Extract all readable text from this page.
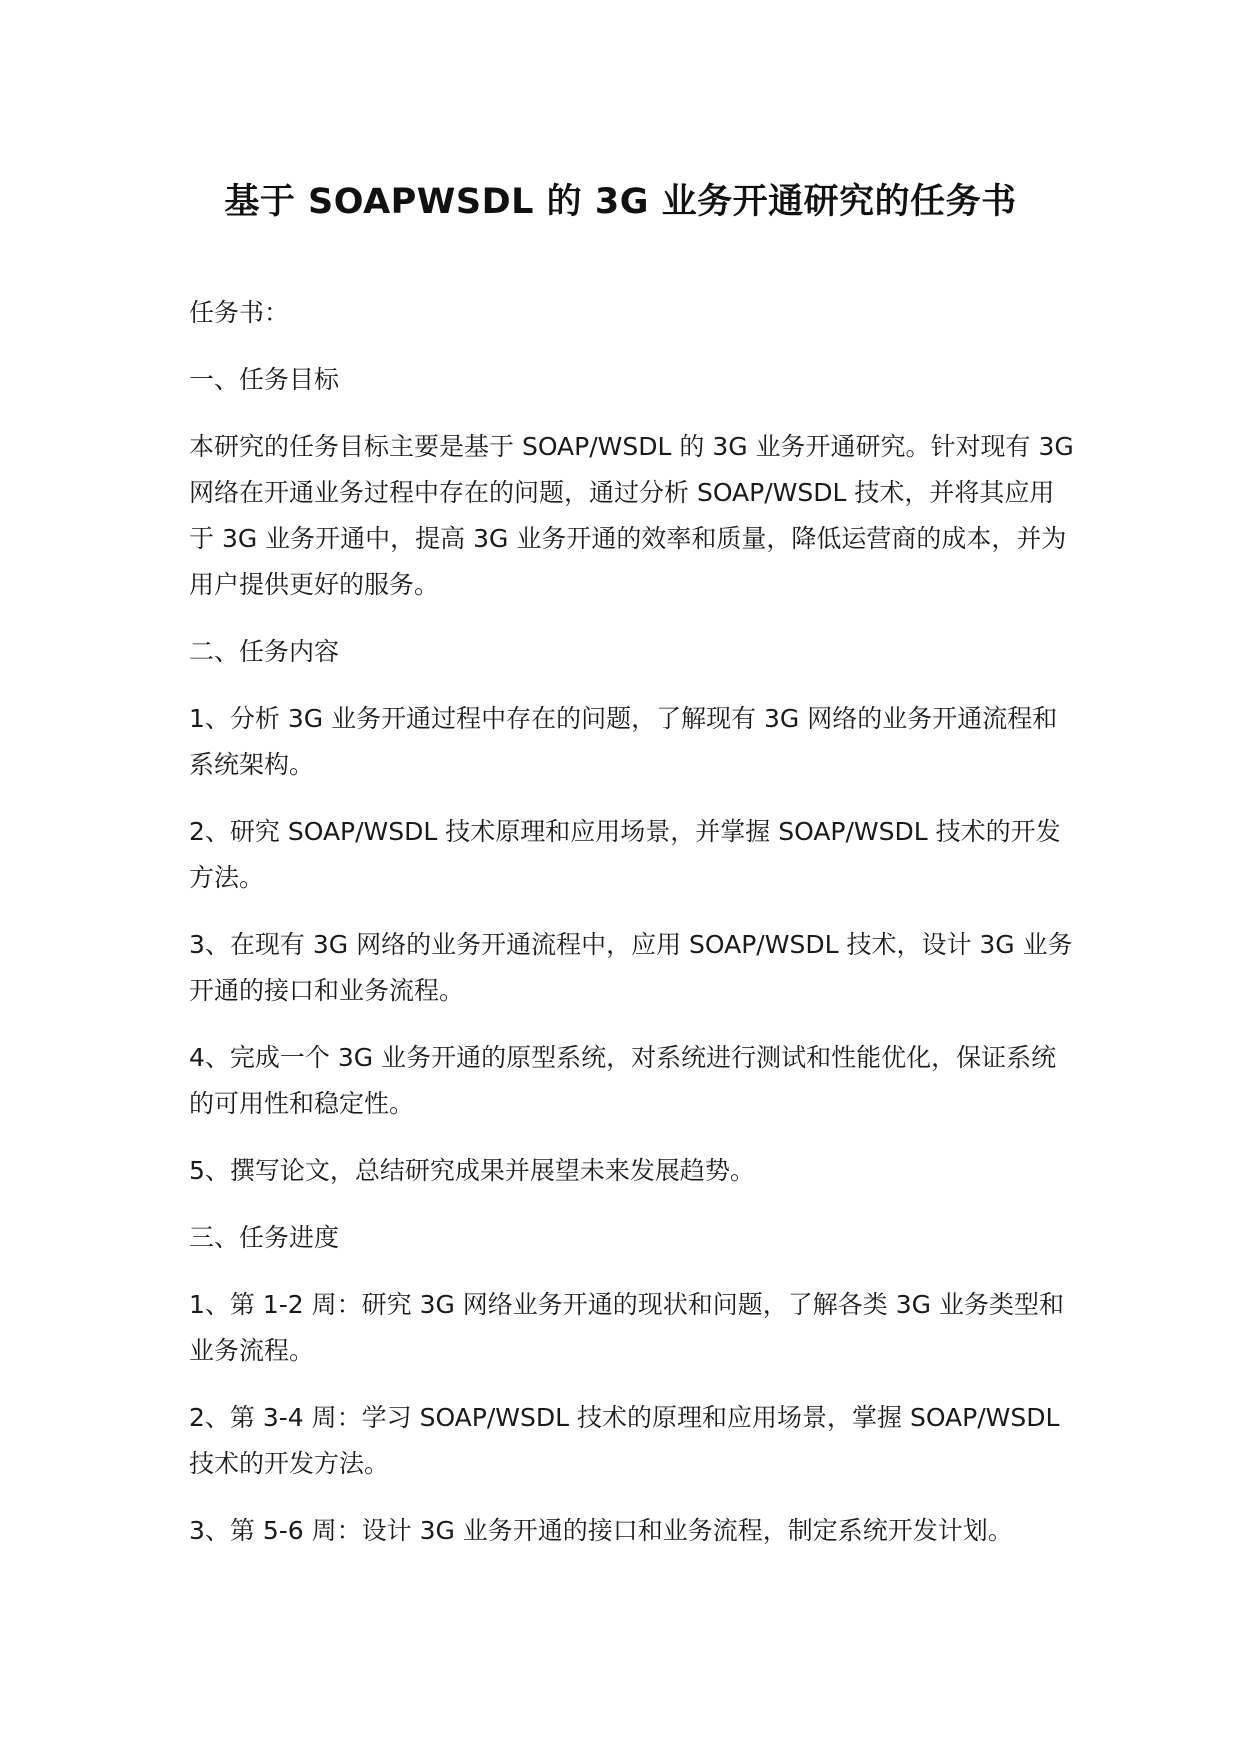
基于 SOAPWSDL 的 3G 业务开通研究的任务书

任务书：

一、任务目标

本研究的任务目标主要是基于 SOAP/WSDL 的 3G 业务开通研究。针对现有 3G 网络在开通业务过程中存在的问题，通过分析 SOAP/WSDL 技术，并将其应用于 3G 业务开通中，提高 3G 业务开通的效率和质量，降低运营商的成本，并为用户提供更好的服务。

二、任务内容

1、分析 3G 业务开通过程中存在的问题，了解现有 3G 网络的业务开通流程和系统架构。

2、研究 SOAP/WSDL 技术原理和应用场景，并掌握 SOAP/WSDL 技术的开发方法。

3、在现有 3G 网络的业务开通流程中，应用 SOAP/WSDL 技术，设计 3G 业务开通的接口和业务流程。

4、完成一个 3G 业务开通的原型系统，对系统进行测试和性能优化，保证系统的可用性和稳定性。

5、撰写论文，总结研究成果并展望未来发展趋势。

三、任务进度

1、第 1-2 周：研究 3G 网络业务开通的现状和问题，了解各类 3G 业务类型和业务流程。

2、第 3-4 周：学习 SOAP/WSDL 技术的原理和应用场景，掌握 SOAP/WSDL 技术的开发方法。

3、第 5-6 周：设计 3G 业务开通的接口和业务流程，制定系统开发计划。
